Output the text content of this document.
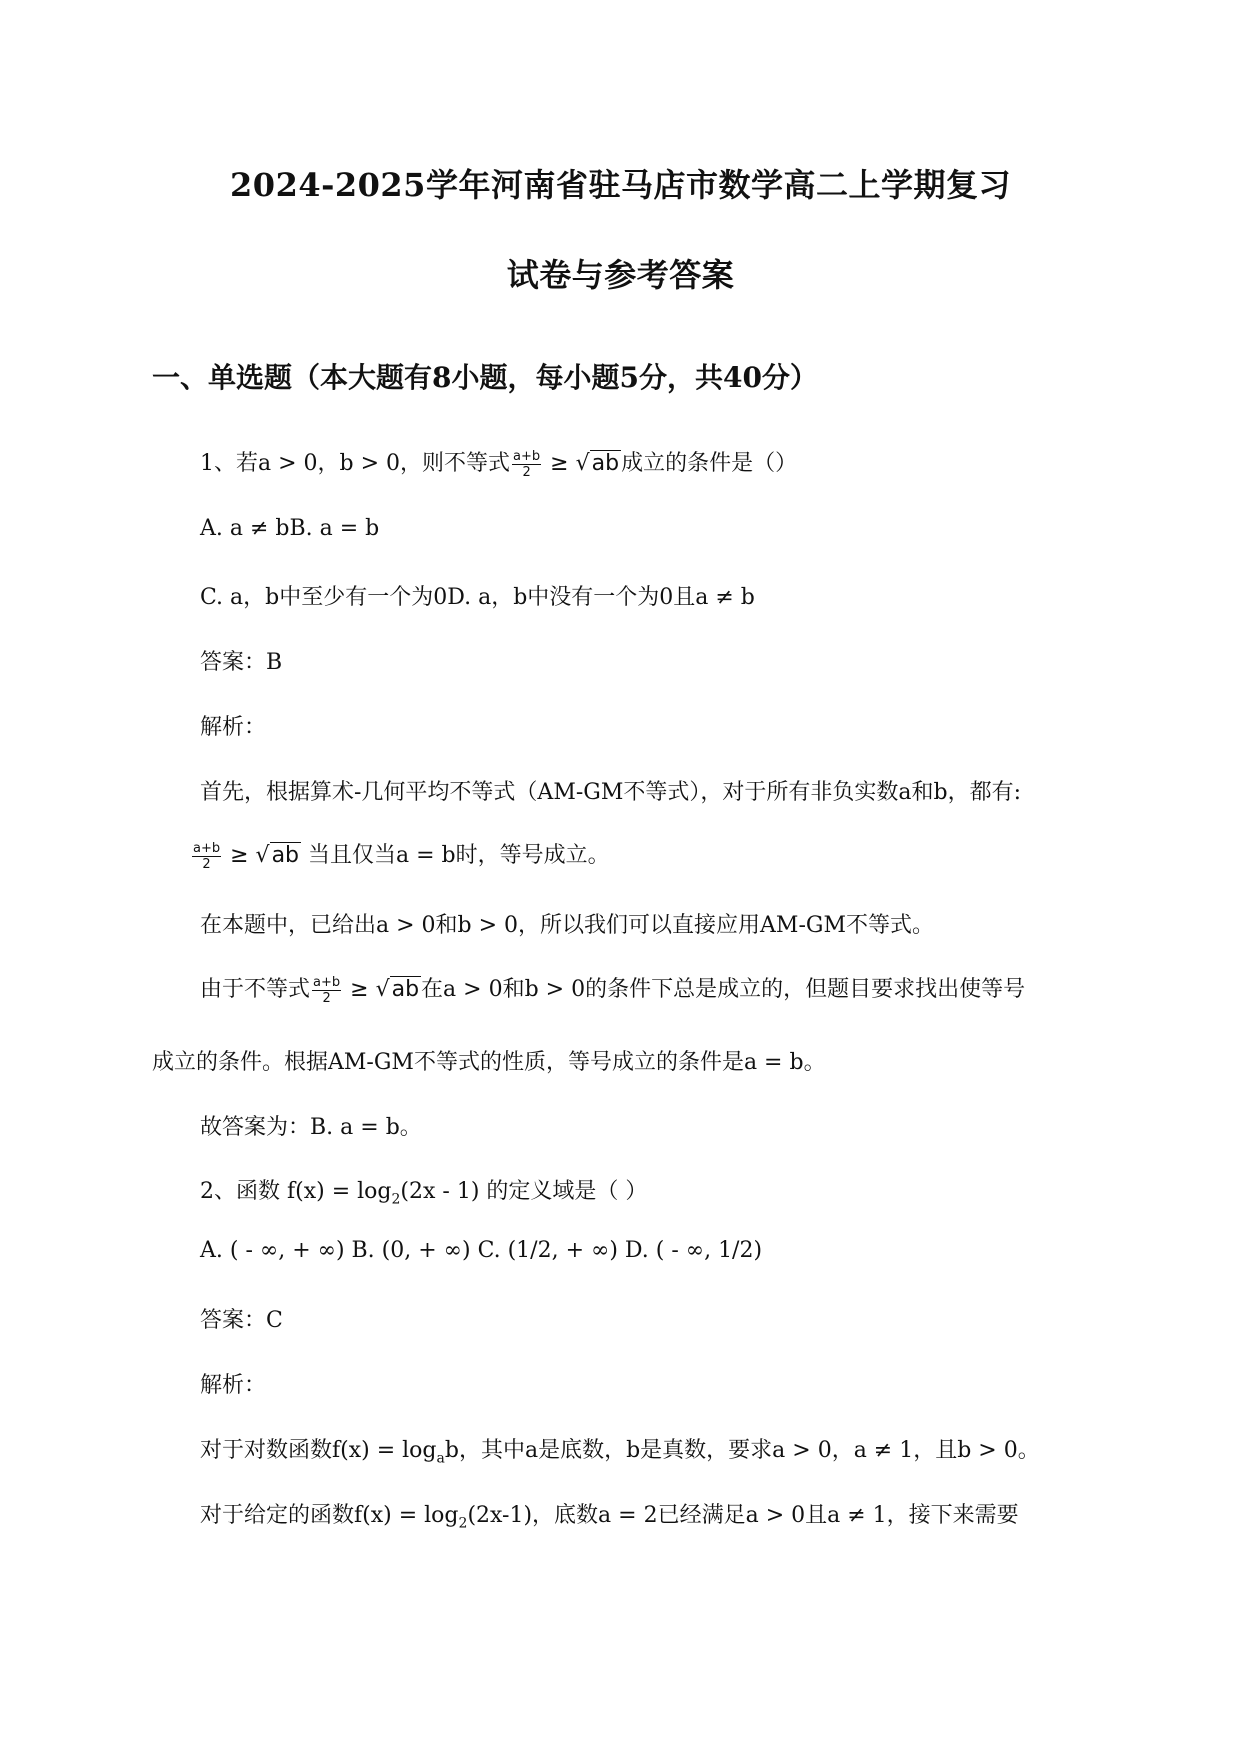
2024-2025学年河南省驻马店市数学高二上学期复习
试卷与参考答案
一、单选题（本大题有8小题，每小题5分，共40分）
1、若a > 0，b > 0，则不等式 $\frac{a+b}{2} \ge √ab$成立的条件是（）
A. a ≠ bB. a = b
C. a，b中至少有一个为0D. a，b中没有一个为0且a ≠ b
答案：B
解析：
首先，根据算术-几何平均不等式（AM-GM不等式），对于所有非负实数a和b，都有:
$\frac{a+b}{2} \ge √ab$ 当且仅当a = b时，等号成立。
在本题中，已给出a > 0和b > 0，所以我们可以直接应用AM-GM不等式。
由于不等式 $\frac{a+b}{2} \ge √ab$在a > 0和b > 0的条件下总是成立的，但题目要求找出使等号
成立的条件。根据AM-GM不等式的性质，等号成立的条件是a = b。
故答案为：B. a = b。
2、函数 $f(x) = \log_2(2x - 1)$ 的定义域是（ ）
A. ( - ∞, + ∞) B. (0, + ∞) C. (1/2, + ∞) D. ( - ∞, 1/2)
答案：C
解析：
对于对数函数$f(x) = \log_ab$，其中a是底数，b是真数，要求a > 0，a ≠ 1，且b > 0。
对于给定的函数$f(x) = \log_2(2x-1)$，底数a = 2已经满足a > 0且a ≠ 1，接下来需要
